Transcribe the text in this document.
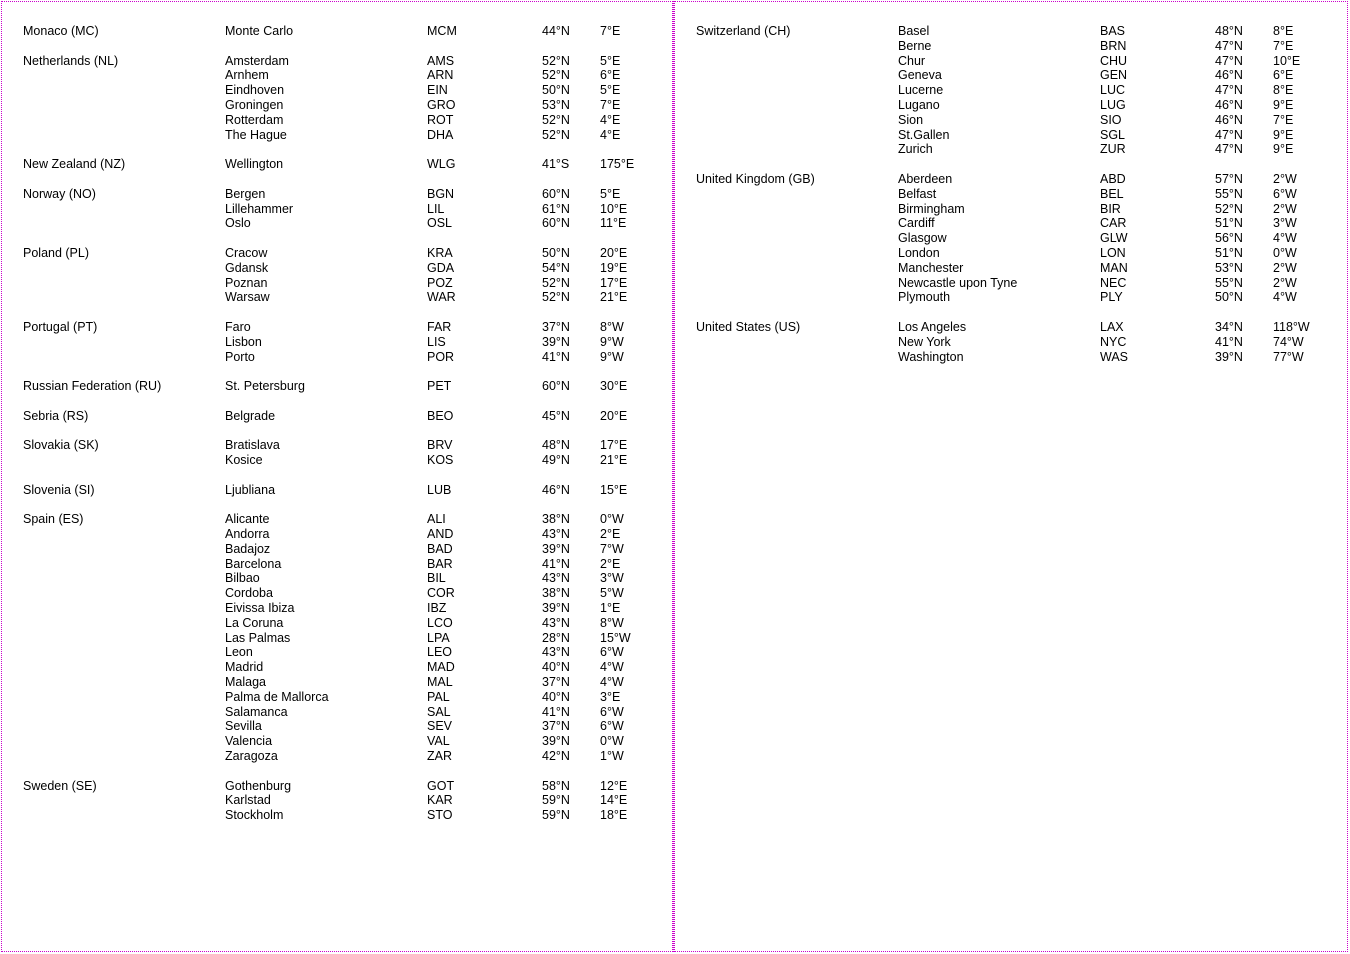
Monaco (MC)	Monte Carlo	MCM	44°N 7°E
Netherlands (NL)	Amsterdam	AMS	52°N 5°E
Arnhem	ARN	52°N 6°E
Eindhoven	EIN	50°N 5°E
Groningen	GRO	53°N 7°E
Rotterdam	ROT	52°N 4°E
The Hague	DHA	52°N 4°E
New Zealand (NZ)	Wellington	WLG	41°S 175°E
Norway (NO)	Bergen	BGN	60°N 5°E
Lillehammer	LIL	61°N 10°E
Oslo	OSL	60°N 11°E
Poland (PL)	Cracow	KRA	50°N 20°E
Gdansk	GDA	54°N 19°E
Poznan	POZ	52°N 17°E
Warsaw	WAR	52°N 21°E
Portugal (PT)	Faro	FAR	37°N 8°W
Lisbon	LIS	39°N 9°W
Porto	POR	41°N 9°W
Russian Federation (RU)	St. Petersburg	PET	60°N 30°E
Sebria (RS)	Belgrade	BEO	45°N 20°E
Slovakia (SK)	Bratislava	BRV	48°N 17°E
Kosice	KOS	49°N 21°E
Slovenia (SI)	Ljubliana	LUB	46°N 15°E
Spain (ES)	Alicante	ALI	38°N 0°W
Andorra	AND	43°N 2°E
Badajoz	BAD	39°N 7°W
Barcelona	BAR	41°N 2°E
Bilbao	BIL	43°N 3°W
Cordoba	COR	38°N 5°W
Eivissa Ibiza	IBZ	39°N 1°E
La Coruna	LCO	43°N 8°W
Las Palmas	LPA	28°N 15°W
Leon	LEO	43°N 6°W
Madrid	MAD	40°N 4°W
Malaga	MAL	37°N 4°W
Palma de Mallorca	PAL	40°N 3°E
Salamanca	SAL	41°N 6°W
Sevilla	SEV	37°N 6°W
Valencia	VAL	39°N 0°W
Zaragoza	ZAR	42°N 1°W
Sweden (SE)	Gothenburg	GOT	58°N 12°E
Karlstad	KAR	59°N 14°E
Stockholm	STO	59°N 18°E
Switzerland (CH)	Basel	BAS	48°N 8°E
Berne	BRN	47°N 7°E
Chur	CHU	47°N 10°E
Geneva	GEN	46°N 6°E
Lucerne	LUC	47°N 8°E
Lugano	LUG	46°N 9°E
Sion	SIO	46°N 7°E
St.Gallen	SGL	47°N 9°E
Zurich	ZUR	47°N 9°E
United Kingdom (GB)	Aberdeen	ABD	57°N 2°W
Belfast	BEL	55°N 6°W
Birmingham	BIR	52°N 2°W
Cardiff	CAR	51°N 3°W
Glasgow	GLW	56°N 4°W
London	LON	51°N 0°W
Manchester	MAN	53°N 2°W
Newcastle upon Tyne	NEC	55°N 2°W
Plymouth	PLY	50°N 4°W
United States (US)	Los Angeles	LAX	34°N 118°W
New York	NYC	41°N 74°W
Washington	WAS	39°N 77°W
